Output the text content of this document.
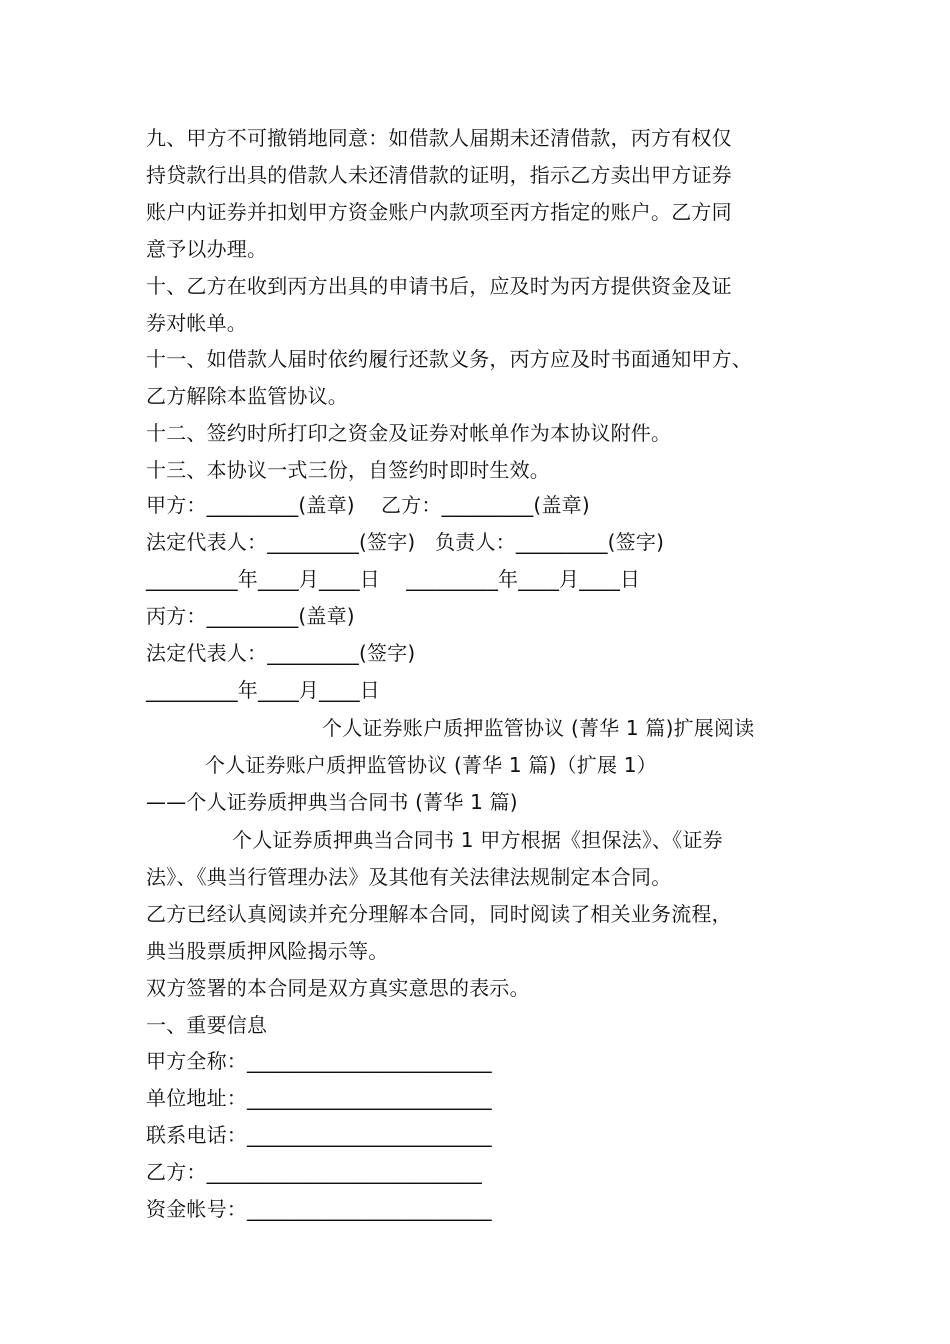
九、甲方不可撤销地同意：如借款人届期未还清借款，丙方有权仅
持贷款行出具的借款人未还清借款的证明，指示乙方卖出甲方证券
账户内证券并扣划甲方资金账户内款项至丙方指定的账户。乙方同
意予以办理。
十、乙方在收到丙方出具的申请书后，应及时为丙方提供资金及证
券对帐单。
十一、如借款人届时依约履行还款义务，丙方应及时书面通知甲方、
乙方解除本监管协议。
十二、签约时所打印之资金及证券对帐单作为本协议附件。
十三、本协议一式三份，自签约时即时生效。
甲方：_________(盖章)    乙方：_________(盖章)
法定代表人：_________(签字)   负责人：_________(签字)
_________年____月____日    _________年____月____日
丙方：_________(盖章)
法定代表人：_________(签字)
_________年____月____日
个人证券账户质押监管协议 (菁华 1 篇)扩展阅读
个人证券账户质押监管协议 (菁华 1 篇)（扩展 1）
——个人证券质押典当合同书 (菁华 1 篇)
个人证券质押典当合同书 1 甲方根据《担保法》、《证券
法》、《典当行管理办法》及其他有关法律法规制定本合同。
乙方已经认真阅读并充分理解本合同，同时阅读了相关业务流程，
典当股票质押风险揭示等。
双方签署的本合同是双方真实意思的表示。
一、重要信息
甲方全称：________________________
单位地址：________________________
联系电话：________________________
乙方：___________________________
资金帐号：________________________
